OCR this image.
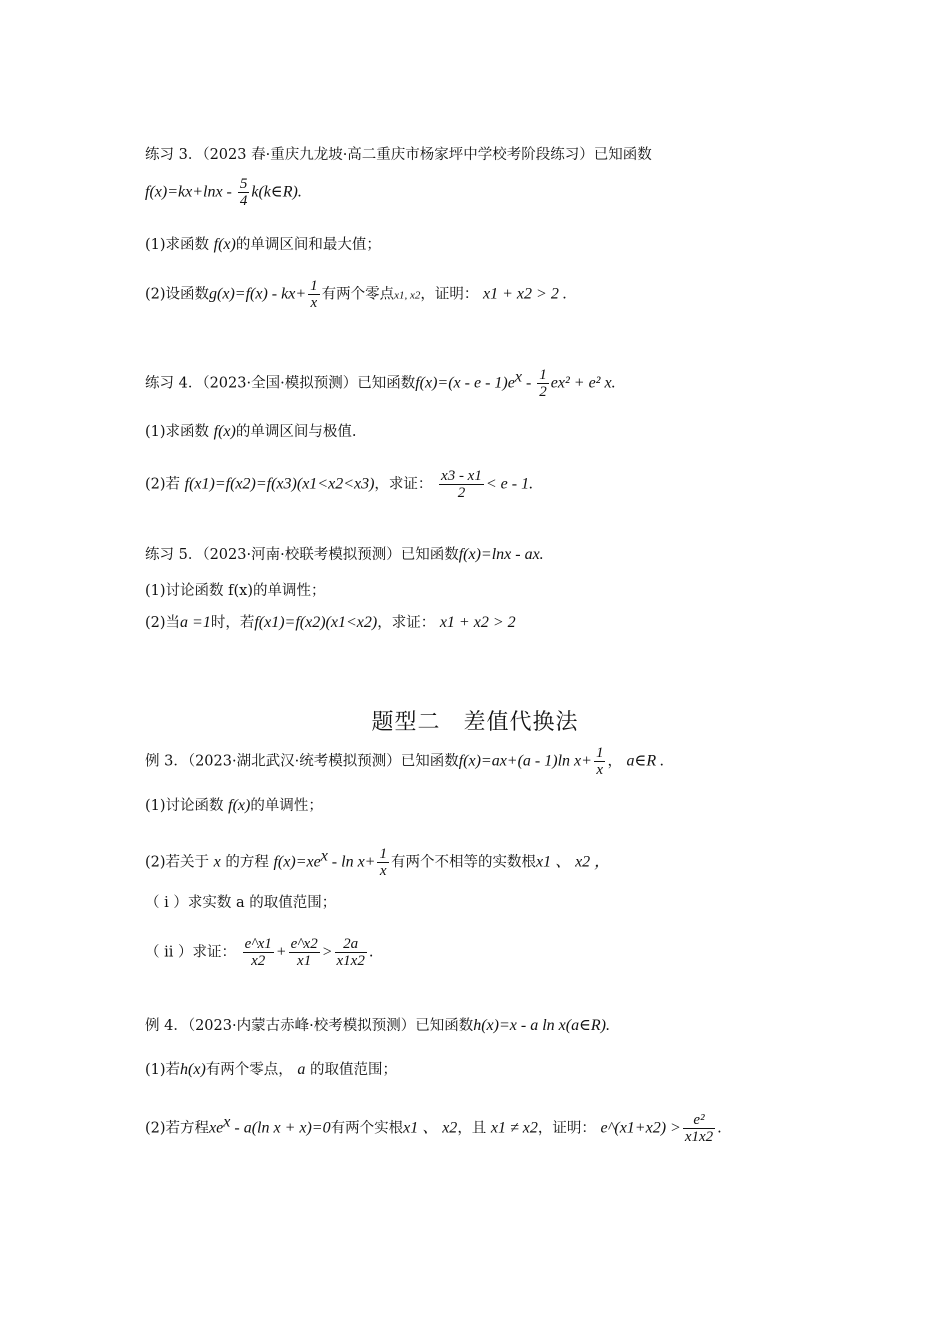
练习 3．（2023 春·重庆九龙坡·高二重庆市杨家坪中学校考阶段练习）已知函数
$f(x)=kx+\ln x - \frac{5}{4}$ k(k∈R).
(1)求函数 f(x)的单调区间和最大值；
(2)设函数$g(x)=f(x) - kx+ \frac{1}{x}$ 有两个零点x1, x2，证明： x1 + x2 > 2 .
练习 4．（2023·全国·模拟预测）已知函数$f(x)=(x - e - 1)e^x - \frac{1}{2} ex^2 + e^2$ x.
(1)求函数 f(x)的单调区间与极值.
(2)若 f(x1)=f(x2)=f(x3)(x1<x2<x3)，求证： $\frac{x3 - x1}{2} < e - 1$.
练习 5．（2023·河南·校联考模拟预测）已知函数f(x)=lnx - ax.
(1)讨论函数 f(x)的单调性；
(2)当a =1时，若f(x1)=f(x2)(x1<x2)，求证： x1 + x2 > 2
题型二　差值代换法
例 3．（2023·湖北武汉·统考模拟预测）已知函数f(x)=ax+(a - 1)ln $x+ \frac{1}{x}$ ， a∈R .
(1)讨论函数 f(x)的单调性；
(2)若关于 x 的方程 $f(x)=xe^x - \ln x+ \frac{1}{x}$ 有两个不相等的实数根x1 、 x2 ，
（ i ）求实数 a 的取值范围；
（ ii ）求证： $\frac{e\^{}x1}{x2} + \frac{e\^{}x2}{x1} > \frac{2a}{x1x2}$ .
例 4．（2023·内蒙古赤峰·校考模拟预测）已知函数h(x)=x - a ln x(a∈R).
(1)若h(x)有两个零点， a 的取值范围；
(2)若方程$xe^x - a(\ln$ x + x)=0有两个实根x1 、 x2，且 x1 ≠ x2，证明： e^(x1+x2) > $\frac{\text{e²}}{x1x2}$ .
